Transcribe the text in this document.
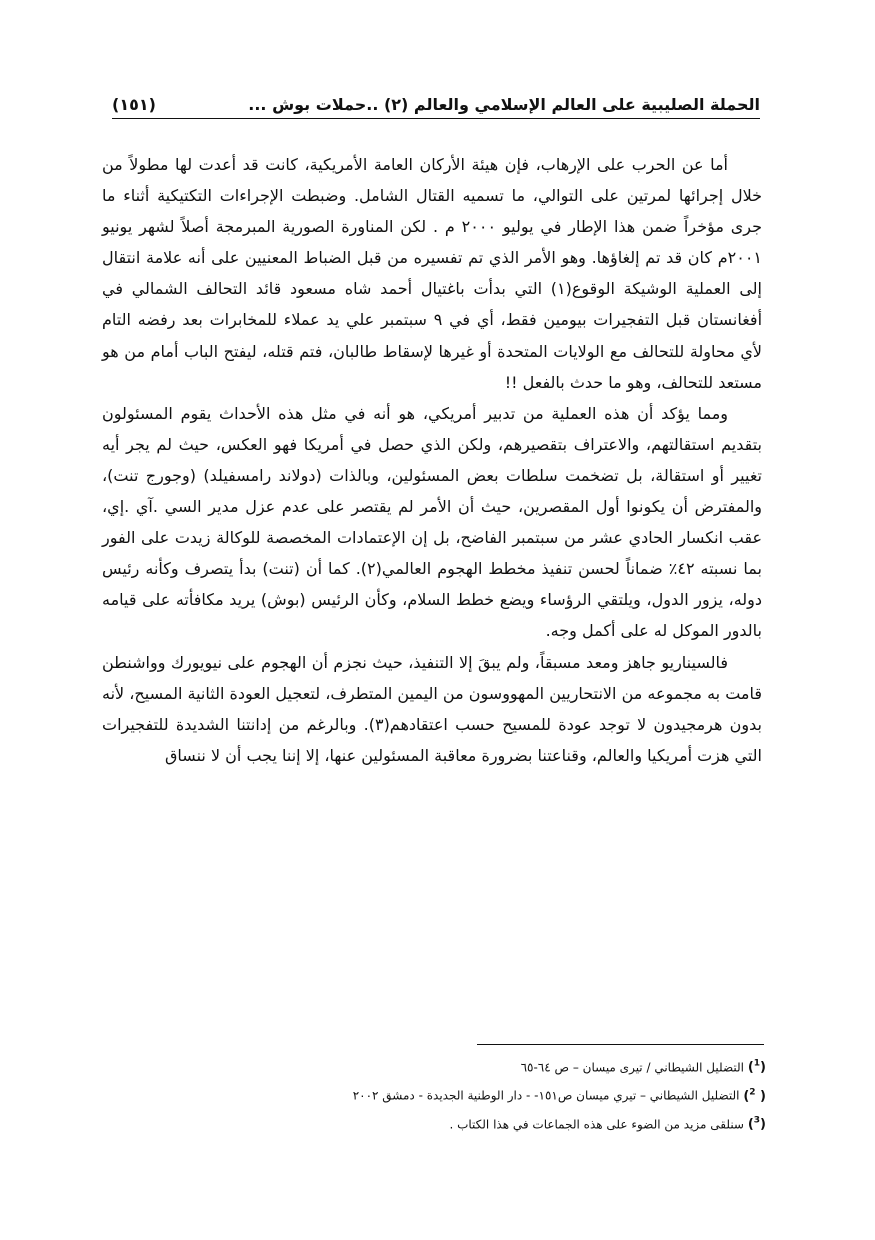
الحملة الصليبية على العالم الإسلامي والعالم (٢) ..حملات بوش ...
(١٥١)

أما عن الحرب على الإرهاب، فإن هيئة الأركان العامة الأمريكية، كانت قد أعدت لها مطولاً من خلال إجرائها لمرتين على التوالي، ما تسميه القتال الشامل. وضبطت الإجراءات التكتيكية أثناء ما جرى مؤخراً ضمن هذا الإطار في يوليو ٢٠٠٠ م . لكن المناورة الصورية المبرمجة أصلاً لشهر يونيو ٢٠٠١م كان قد تم إلغاؤها. وهو الأمر الذي تم تفسيره من قبل الضباط المعنيين على أنه علامة انتقال إلى العملية الوشيكة الوقوع(١) التي بدأت باغتيال أحمد شاه مسعود قائد التحالف الشمالي في أفغانستان قبل التفجيرات بيومين فقط، أي في ٩ سبتمبر علي يد عملاء للمخابرات بعد رفضه التام لأي محاولة للتحالف مع الولايات المتحدة أو غيرها لإسقاط طالبان، فتم قتله، ليفتح الباب أمام من هو مستعد للتحالف، وهو ما حدث بالفعل !!

ومما يؤكد أن هذه العملية من تدبير أمريكي، هو أنه في مثل هذه الأحداث يقوم المسئولون بتقديم استقالتهم، والاعتراف بتقصيرهم، ولكن الذي حصل في أمريكا فهو العكس، حيث لم يجر أيه تغيير أو استقالة، بل تضخمت سلطات بعض المسئولين، وبالذات (دولاند رامسفيلد) (وجورج تنت)، والمفترض أن يكونوا أول المقصرين، حيث أن الأمر لم يقتصر على عدم عزل مدير السي .آي .إي، عقب انكسار الحادي عشر من سبتمبر الفاضح، بل إن الإعتمادات المخصصة للوكالة زيدت على الفور بما نسبته ٤٢٪ ضماناً لحسن تنفيذ مخطط الهجوم العالمي(٢). كما أن (تنت) بدأ يتصرف وكأنه رئيس دوله، يزور الدول، ويلتقي الرؤساء ويضع خطط السلام، وكأن الرئيس (بوش) يريد مكافأته على قيامه بالدور الموكل له على أكمل وجه.

فالسيناريو جاهز ومعد مسبقاً، ولم يبقَ إلا التنفيذ، حيث نجزم أن الهجوم على نيويورك وواشنطن قامت به مجموعه من الانتحاريين المهووسون من اليمين المتطرف، لتعجيل العودة الثانية المسيح، لأنه بدون هرمجيدون لا توجد عودة للمسيح حسب اعتقادهم(٣). وبالرغم من إدانتنا الشديدة للتفجيرات التي هزت أمريكيا والعالم، وقناعتنا بضرورة معاقبة المسئولين عنها، إلا إننا يجب أن لا ننساق

($^1$) التضليل الشيطاني / تيرى ميسان – ص ٦٤-٦٥
( $^2$) التضليل الشيطاني – تيري ميسان ص١٥١- - دار الوطنية الجديدة - دمشق ٢٠٠٢
($^3$) سنلقى مزيد من الضوء على هذه الجماعات في هذا الكتاب .
